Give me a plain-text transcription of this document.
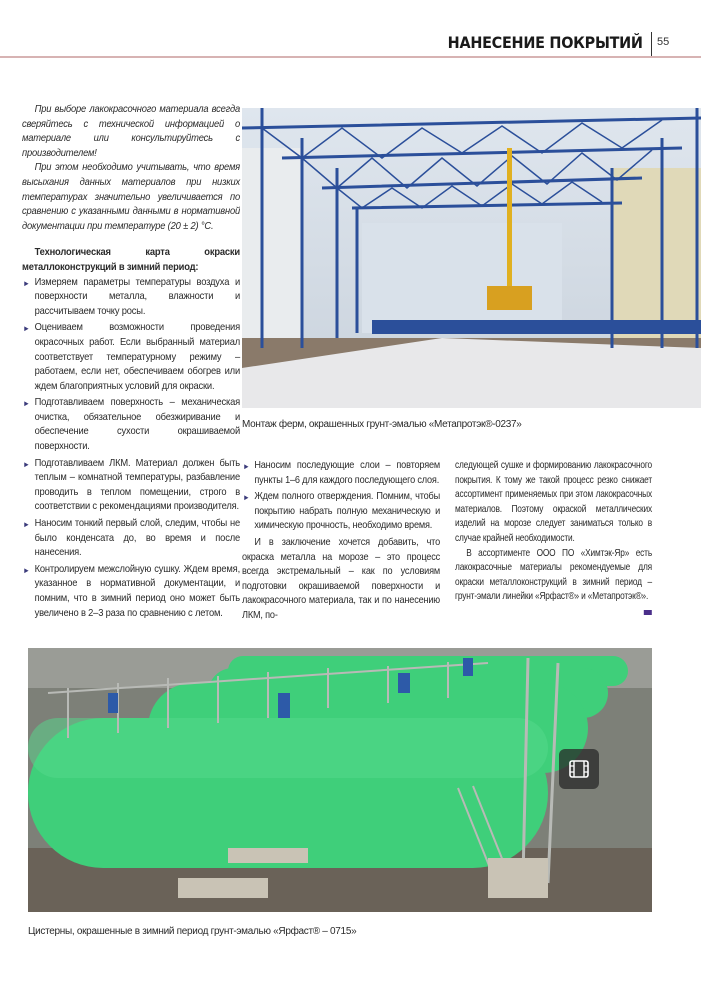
НАНЕСЕНИЕ ПОКРЫТИЙ 55

При выборе лакокрасочного материала всегда сверяйтесь с технической информацией о материале или консультируйтесь с производителем!

При этом необходимо учитывать, что время высыхания данных материалов при низких температурах значительно увеличивается по сравнению с указанными данными в нормативной документации при температуре (20 ± 2) °С.

Технологическая карта окраски металлоконструкций в зимний период:
► Измеряем параметры температуры воздуха и поверхности металла, влажности и рассчитываем точку росы.
► Оцениваем возможности проведения окрасочных работ. Если выбранный материал соответствует температурному режиму – работаем, если нет, обеспечиваем обогрев или ждем благоприятных условий для окраски.
► Подготавливаем поверхность – механическая очистка, обязательное обезжиривание и обеспечение сухости окрашиваемой поверхности.
► Подготавливаем ЛКМ. Материал должен быть теплым – комнатной температуры, разбавление проводить в теплом помещении, строго в соответствии с рекомендациями производителя.
► Наносим тонкий первый слой, следим, чтобы не было конденсата до, во время и после нанесения.
► Контролируем межслойную сушку. Ждем время, указанное в нормативной документации, и помним, что в зимний период оно может быть увеличено в 2–3 раза по сравнению с летом.
Монтаж ферм, окрашенных грунт-эмалью «Метапротэк®-0237»
► Наносим последующие слои – повторяем пункты 1–6 для каждого последующего слоя.
► Ждем полного отверждения. Помним, чтобы покрытию набрать полную механическую и химическую прочность, необходимо время.

И в заключение хочется добавить, что окраска металла на морозе – это процесс всегда экстремальный – как по условиям подготовки окрашиваемой поверхности и лакокрасочного материала, так и по нанесению ЛКМ, по-

следующей сушке и формированию лакокрасочного покрытия. К тому же такой процесс резко снижает ассортимент применяемых при этом лакокрасочных материалов. Поэтому окраской металлических изделий на морозе следует заниматься только в случае крайней необходимости.

В ассортименте ООО ПО «Химтэк-Яр» есть лакокрасочные материалы рекомендуемые для окраски металлоконструкций в зимний период – грунт-эмали линейки «Ярфаст®» и «Метапротэк®».

Цистерны, окрашенные в зимний период грунт-эмалью «Ярфаст® – 0715»
